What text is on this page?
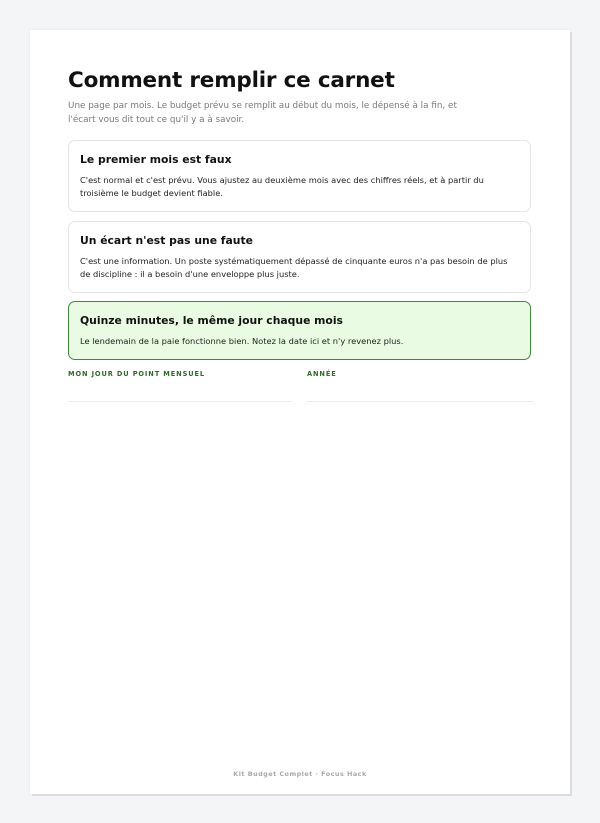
Comment remplir ce carnet

Une page par mois. Le budget prévu se remplit au début du mois, le dépensé à la fin, et l'écart vous dit tout ce qu'il y a à savoir.

Le premier mois est faux
C'est normal et c'est prévu. Vous ajustez au deuxième mois avec des chiffres réels, et à partir du troisième le budget devient fiable.
Un écart n'est pas une faute
C'est une information. Un poste systématiquement dépassé de cinquante euros n'a pas besoin de plus de discipline : il a besoin d'une enveloppe plus juste.
Quinze minutes, le même jour chaque mois
Le lendemain de la paie fonctionne bien. Notez la date ici et n'y revenez plus.
MON JOUR DU POINT MENSUEL	ANNÉE
Kit Budget Complet · Focus Hack
